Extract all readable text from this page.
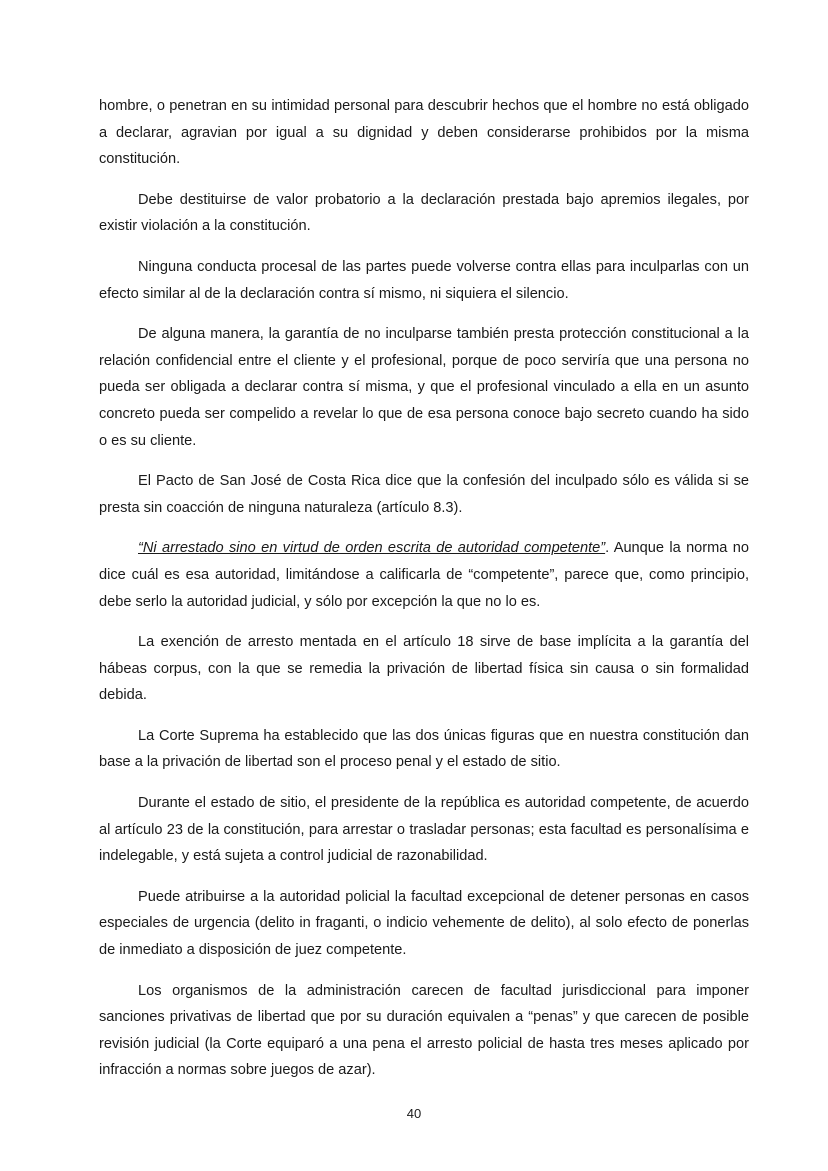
hombre, o penetran en su intimidad personal para descubrir hechos que el hombre no está obligado a declarar, agravian por igual a su dignidad y deben considerarse prohibidos por la misma constitución.

Debe destituirse de valor probatorio a la declaración prestada bajo apremios ilegales, por existir violación a la constitución.

Ninguna conducta procesal de las partes puede volverse contra ellas para inculparlas con un efecto similar al de la declaración contra sí mismo, ni siquiera el silencio.

De alguna manera, la garantía de no inculparse también presta protección constitucional a la relación confidencial entre el cliente y el profesional, porque de poco serviría que una persona no pueda ser obligada a declarar contra sí misma, y que el profesional vinculado a ella en un asunto concreto pueda ser compelido a revelar lo que de esa persona conoce bajo secreto cuando ha sido o es su cliente.

El Pacto de San José de Costa Rica dice que la confesión del inculpado sólo es válida si se presta sin coacción de ninguna naturaleza (artículo 8.3).

“Ni arrestado sino en virtud de orden escrita de autoridad competente”. Aunque la norma no dice cuál es esa autoridad, limitándose a calificarla de “competente”, parece que, como principio, debe serlo la autoridad judicial, y sólo por excepción la que no lo es.

La exención de arresto mentada en el artículo 18 sirve de base implícita a la garantía del hábeas corpus, con la que se remedia la privación de libertad física sin causa o sin formalidad debida.

La Corte Suprema ha establecido que las dos únicas figuras que en nuestra constitución dan base a la privación de libertad son el proceso penal y el estado de sitio.

Durante el estado de sitio, el presidente de la república es autoridad competente, de acuerdo al artículo 23 de la constitución, para arrestar o trasladar personas; esta facultad es personalísima e indelegable, y está sujeta a control judicial de razonabilidad.

Puede atribuirse a la autoridad policial la facultad excepcional de detener personas en casos especiales de urgencia (delito in fraganti, o indicio vehemente de delito), al solo efecto de ponerlas de inmediato a disposición de juez competente.

Los organismos de la administración carecen de facultad jurisdiccional para imponer sanciones privativas de libertad que por su duración equivalen a “penas” y que carecen de posible revisión judicial (la Corte equiparó a una pena el arresto policial de hasta tres meses aplicado por infracción a normas sobre juegos de azar).

40
